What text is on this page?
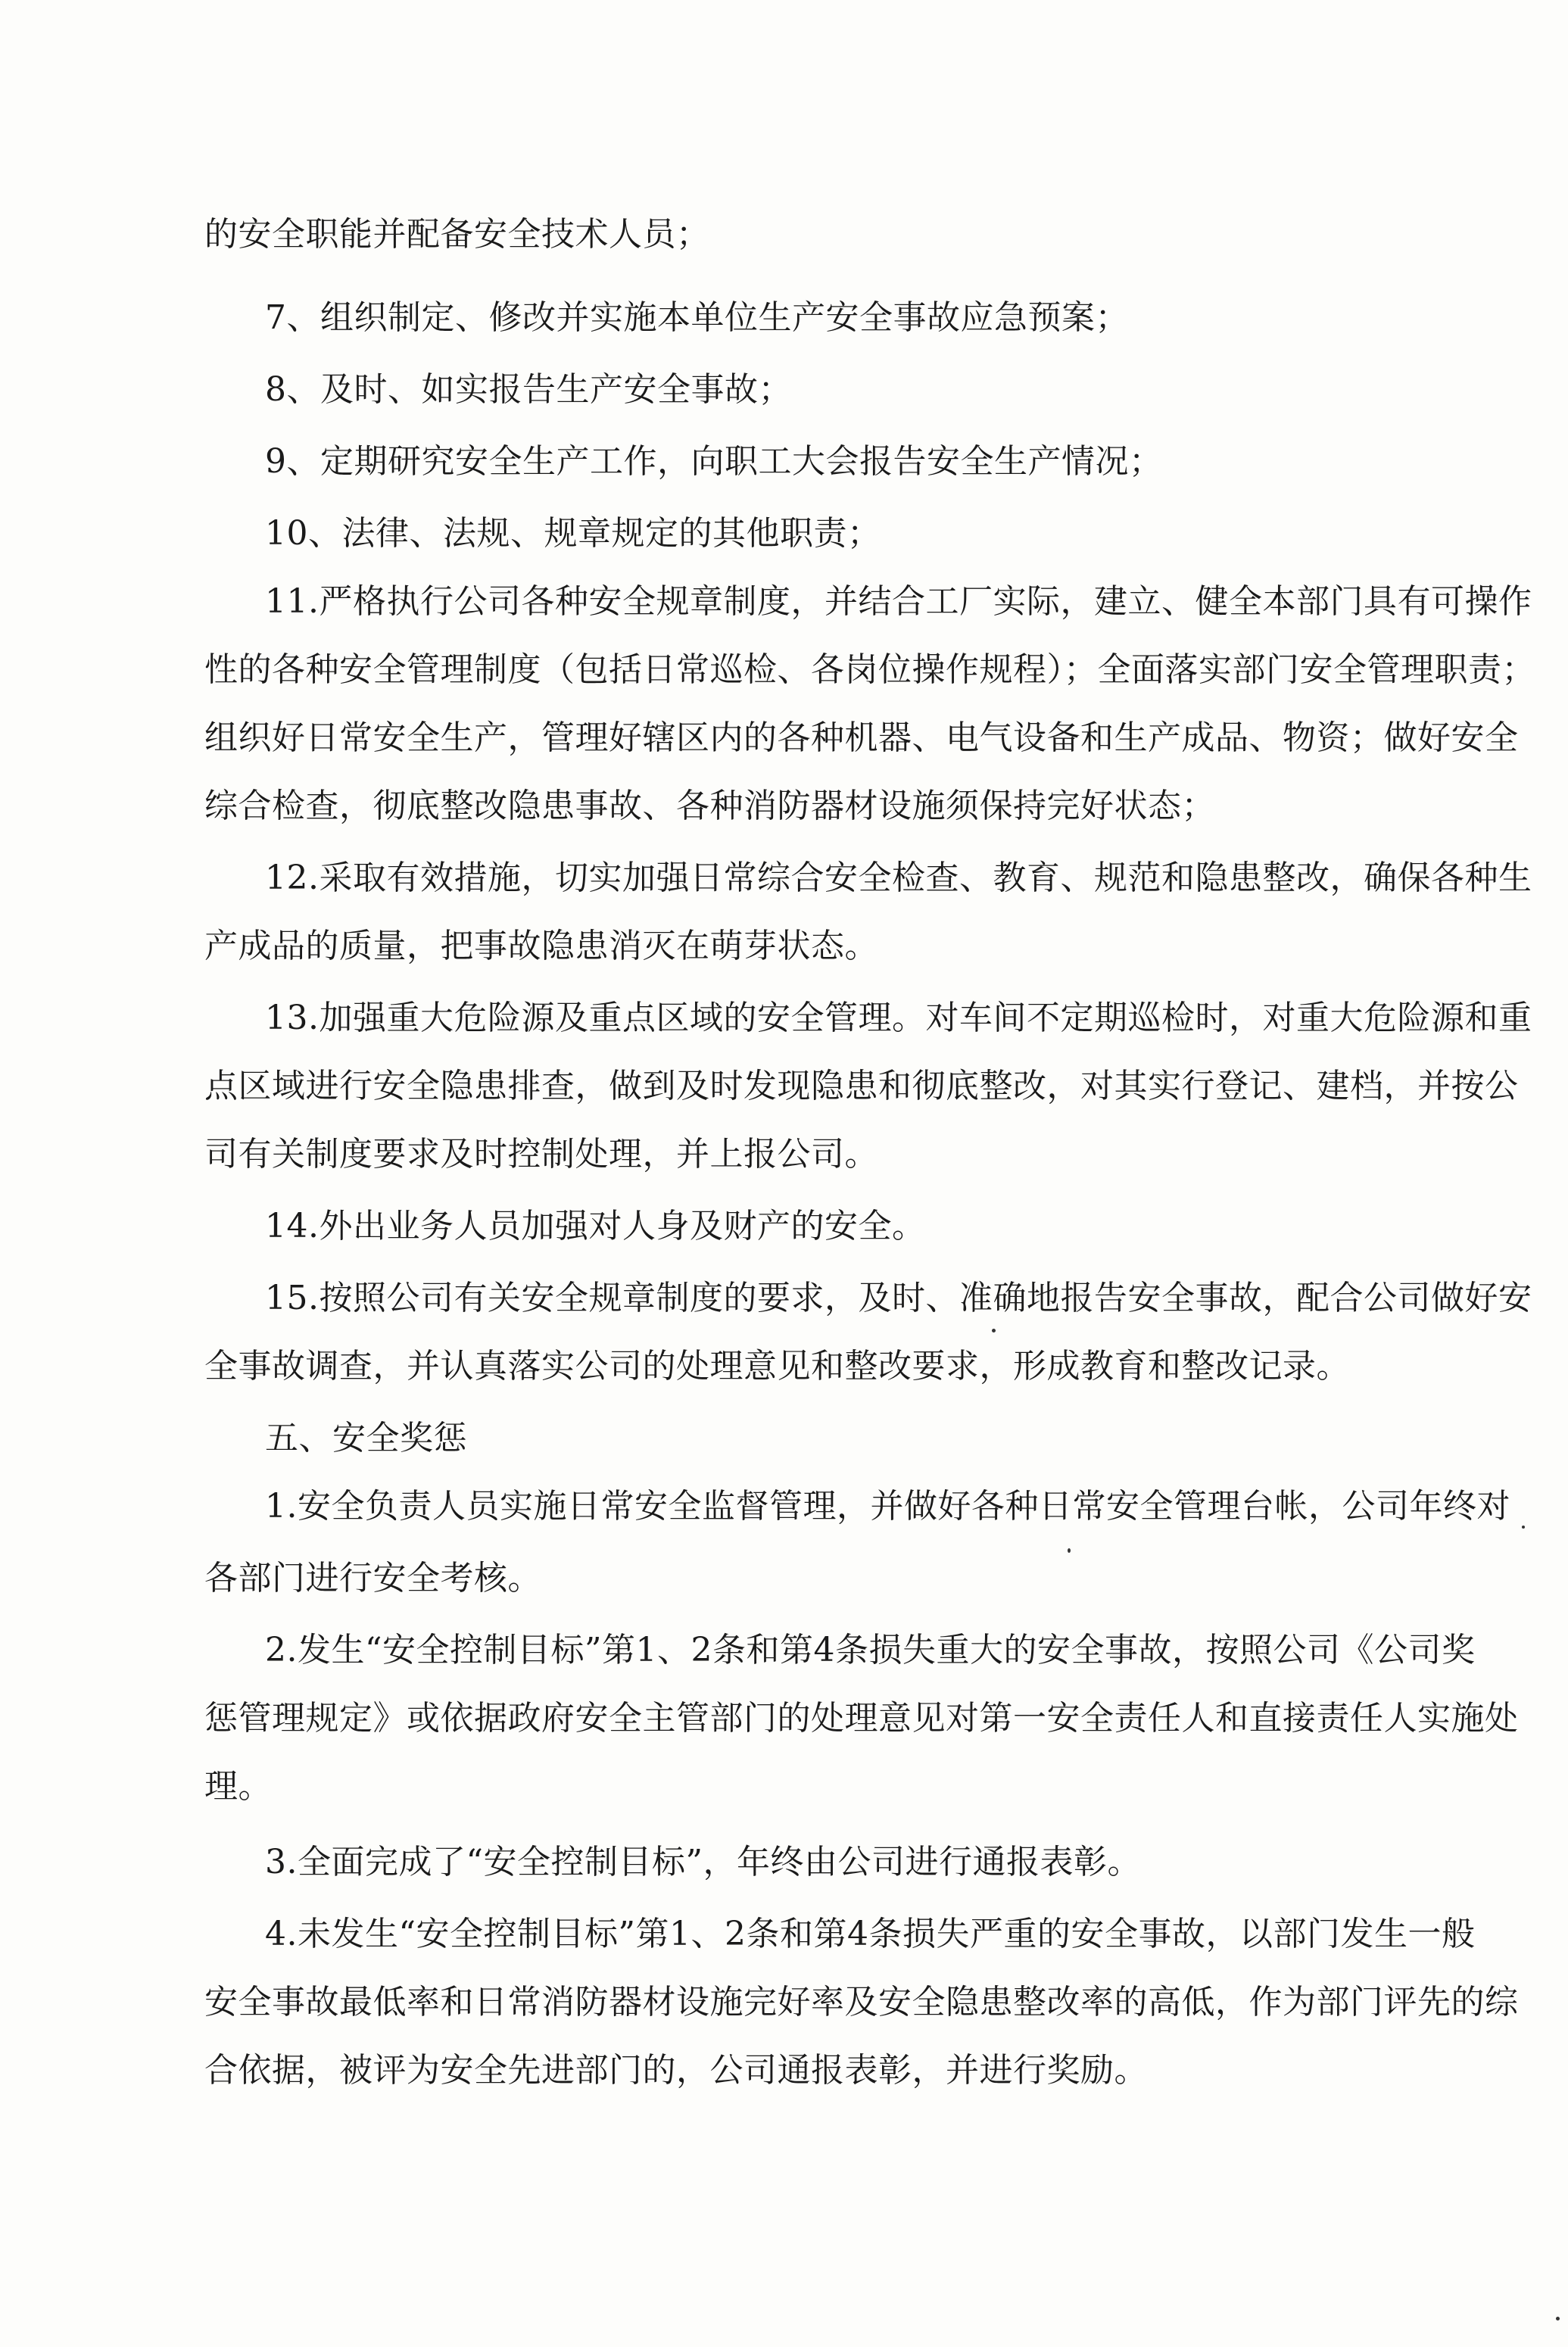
的安全职能并配备安全技术人员；
7、组织制定、修改并实施本单位生产安全事故应急预案；
8、及时、如实报告生产安全事故；
9、定期研究安全生产工作，向职工大会报告安全生产情况；
10、法律、法规、规章规定的其他职责；
11.严格执行公司各种安全规章制度，并结合工厂实际，建立、健全本部门具有可操作
性的各种安全管理制度（包括日常巡检、各岗位操作规程）；全面落实部门安全管理职责；
组织好日常安全生产，管理好辖区内的各种机器、电气设备和生产成品、物资；做好安全
综合检查，彻底整改隐患事故、各种消防器材设施须保持完好状态；
12.采取有效措施，切实加强日常综合安全检查、教育、规范和隐患整改，确保各种生
产成品的质量，把事故隐患消灭在萌芽状态。
13.加强重大危险源及重点区域的安全管理。对车间不定期巡检时，对重大危险源和重
点区域进行安全隐患排查，做到及时发现隐患和彻底整改，对其实行登记、建档，并按公
司有关制度要求及时控制处理，并上报公司。
14.外出业务人员加强对人身及财产的安全。
15.按照公司有关安全规章制度的要求，及时、准确地报告安全事故，配合公司做好安
全事故调查，并认真落实公司的处理意见和整改要求，形成教育和整改记录。
五、安全奖惩
1.安全负责人员实施日常安全监督管理，并做好各种日常安全管理台帐，公司年终对
各部门进行安全考核。
2.发生“安全控制目标”第1、2条和第4条损失重大的安全事故，按照公司《公司奖
惩管理规定》或依据政府安全主管部门的处理意见对第一安全责任人和直接责任人实施处
理。
3.全面完成了“安全控制目标”，年终由公司进行通报表彰。
4.未发生“安全控制目标”第1、2条和第4条损失严重的安全事故，以部门发生一般
安全事故最低率和日常消防器材设施完好率及安全隐患整改率的高低，作为部门评先的综
合依据，被评为安全先进部门的，公司通报表彰，并进行奖励。
